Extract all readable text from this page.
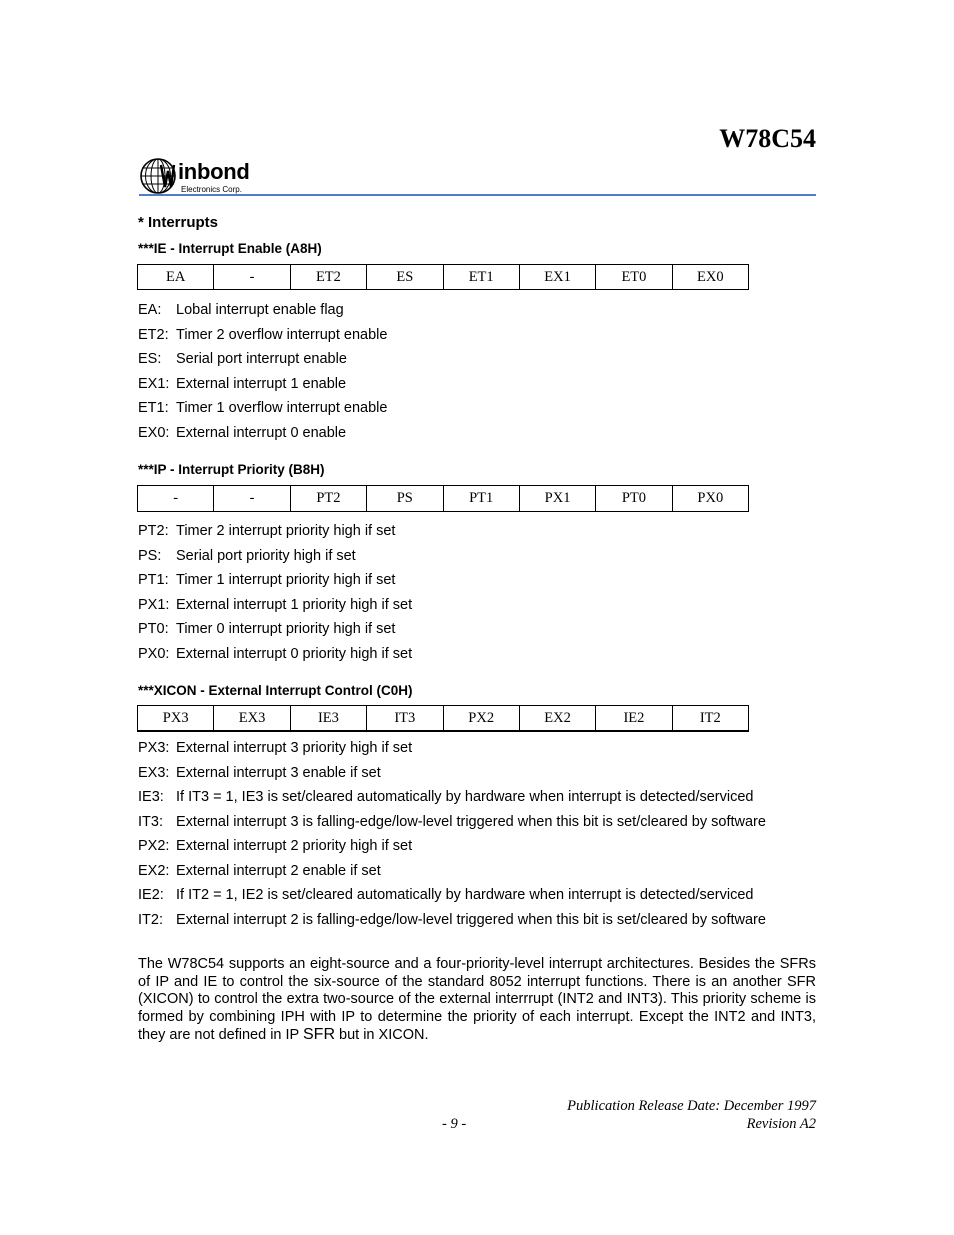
W78C54
inbond
Electronics Corp.
* Interrupts
***IE - Interrupt Enable (A8H)
EA	-	ET2	ES	ET1	EX1	ET0	EX0
EA: Lobal interrupt enable flag
ET2: Timer 2 overflow interrupt enable
ES: Serial port interrupt enable
EX1: External interrupt 1 enable
ET1: Timer 1 overflow interrupt enable
EX0: External interrupt 0 enable
***IP - Interrupt Priority (B8H)
-	-	PT2	PS	PT1	PX1	PT0	PX0
PT2: Timer 2 interrupt priority high if set
PS: Serial port priority high if set
PT1: Timer 1 interrupt priority high if set
PX1: External interrupt 1 priority high if set
PT0: Timer 0 interrupt priority high if set
PX0: External interrupt 0 priority high if set
***XICON - External Interrupt Control (C0H)
PX3	EX3	IE3	IT3	PX2	EX2	IE2	IT2
PX3: External interrupt 3 priority high if set
EX3: External interrupt 3 enable if set
IE3: If IT3 = 1, IE3 is set/cleared automatically by hardware when interrupt is detected/serviced
IT3: External interrupt 3 is falling-edge/low-level triggered when this bit is set/cleared by software
PX2: External interrupt 2 priority high if set
EX2: External interrupt 2 enable if set
IE2: If IT2 = 1, IE2 is set/cleared automatically by hardware when interrupt is detected/serviced
IT2: External interrupt 2 is falling-edge/low-level triggered when this bit is set/cleared by software

The W78C54 supports an eight-source and a four-priority-level interrupt architectures. Besides the SFRs of IP and IE to control the six-source of the standard 8052 interrupt functions. There is an another SFR (XICON) to control the extra two-source of the external interrrupt (INT2 and INT3). This priority scheme is formed by combining IPH with IP to determine the priority of each interrupt. Except the INT2 and INT3, they are not defined in IP SFR but in XICON.

Publication Release Date: December 1997
- 9 -	Revision A2
